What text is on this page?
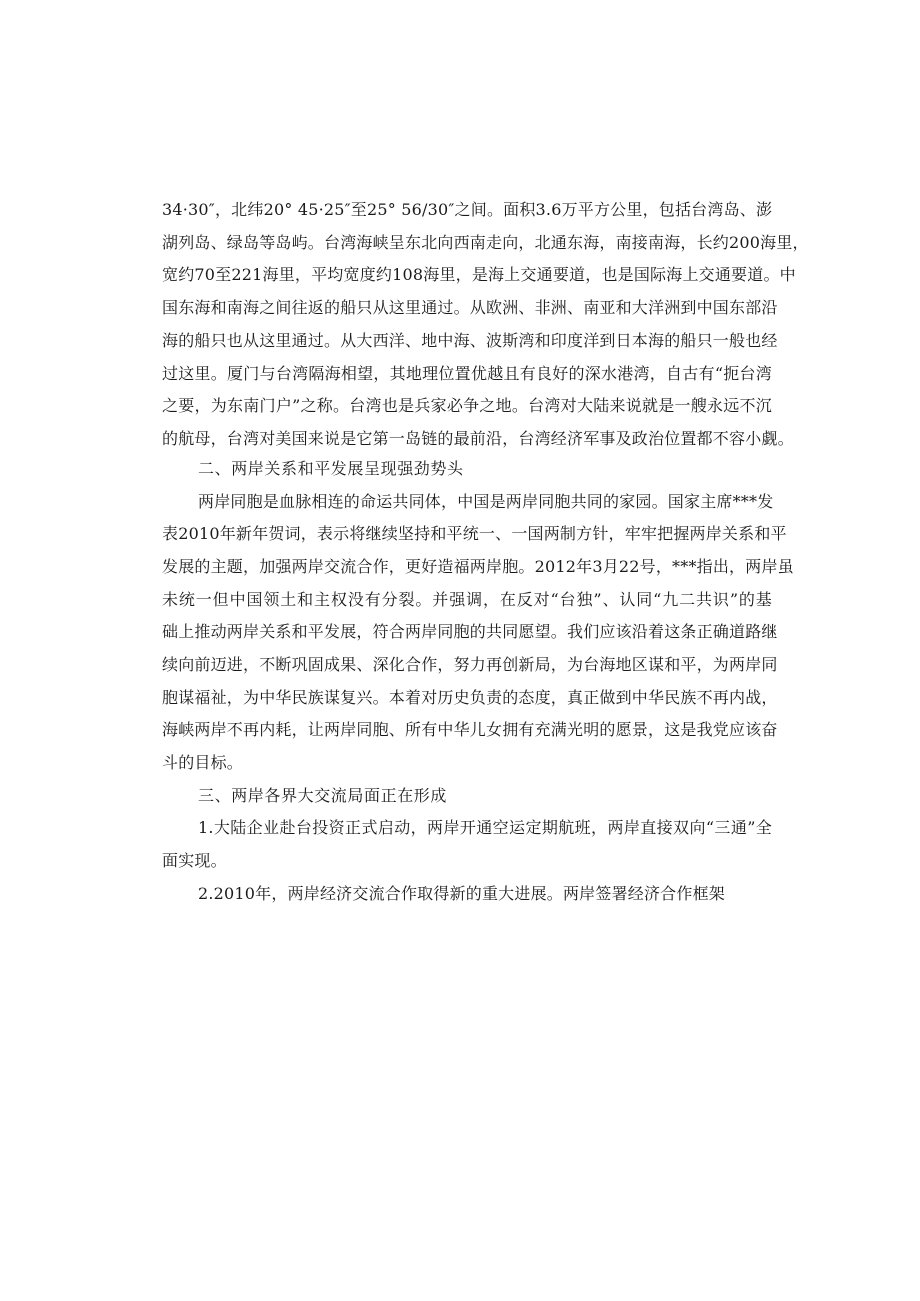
34·30″，北纬20° 45·25″至25° 56/30″之间。面积3.6万平方公里，包括台湾岛、澎
湖列岛、绿岛等岛屿。台湾海峡呈东北向西南走向，北通东海，南接南海，长约200海里，
宽约70至221海里，平均宽度约108海里，是海上交通要道，也是国际海上交通要道。中
国东海和南海之间往返的船只从这里通过。从欧洲、非洲、南亚和大洋洲到中国东部沿
海的船只也从这里通过。从大西洋、地中海、波斯湾和印度洋到日本海的船只一般也经
过这里。厦门与台湾隔海相望，其地理位置优越且有良好的深水港湾，自古有“扼台湾
之要，为东南门户”之称。台湾也是兵家必争之地。台湾对大陆来说就是一艘永远不沉
的航母，台湾对美国来说是它第一岛链的最前沿，台湾经济军事及政治位置都不容小觑。
二、两岸关系和平发展呈现强劲势头
两岸同胞是血脉相连的命运共同体，中国是两岸同胞共同的家园。国家主席***发
表2010年新年贺词，表示将继续坚持和平统一、一国两制方针，牢牢把握两岸关系和平
发展的主题，加强两岸交流合作，更好造福两岸胞。2012年3月22号，***指出，两岸虽
未统一但中国领土和主权没有分裂。并强调，在反对“台独”、认同“九二共识”的基
础上推动两岸关系和平发展，符合两岸同胞的共同愿望。我们应该沿着这条正确道路继
续向前迈进，不断巩固成果、深化合作，努力再创新局，为台海地区谋和平，为两岸同
胞谋福祉，为中华民族谋复兴。本着对历史负责的态度，真正做到中华民族不再内战，
海峡两岸不再内耗，让两岸同胞、所有中华儿女拥有充满光明的愿景，这是我党应该奋
斗的目标。
三、两岸各界大交流局面正在形成
1.大陆企业赴台投资正式启动，两岸开通空运定期航班，两岸直接双向“三通”全
面实现。
2.2010年，两岸经济交流合作取得新的重大进展。两岸签署经济合作框架
